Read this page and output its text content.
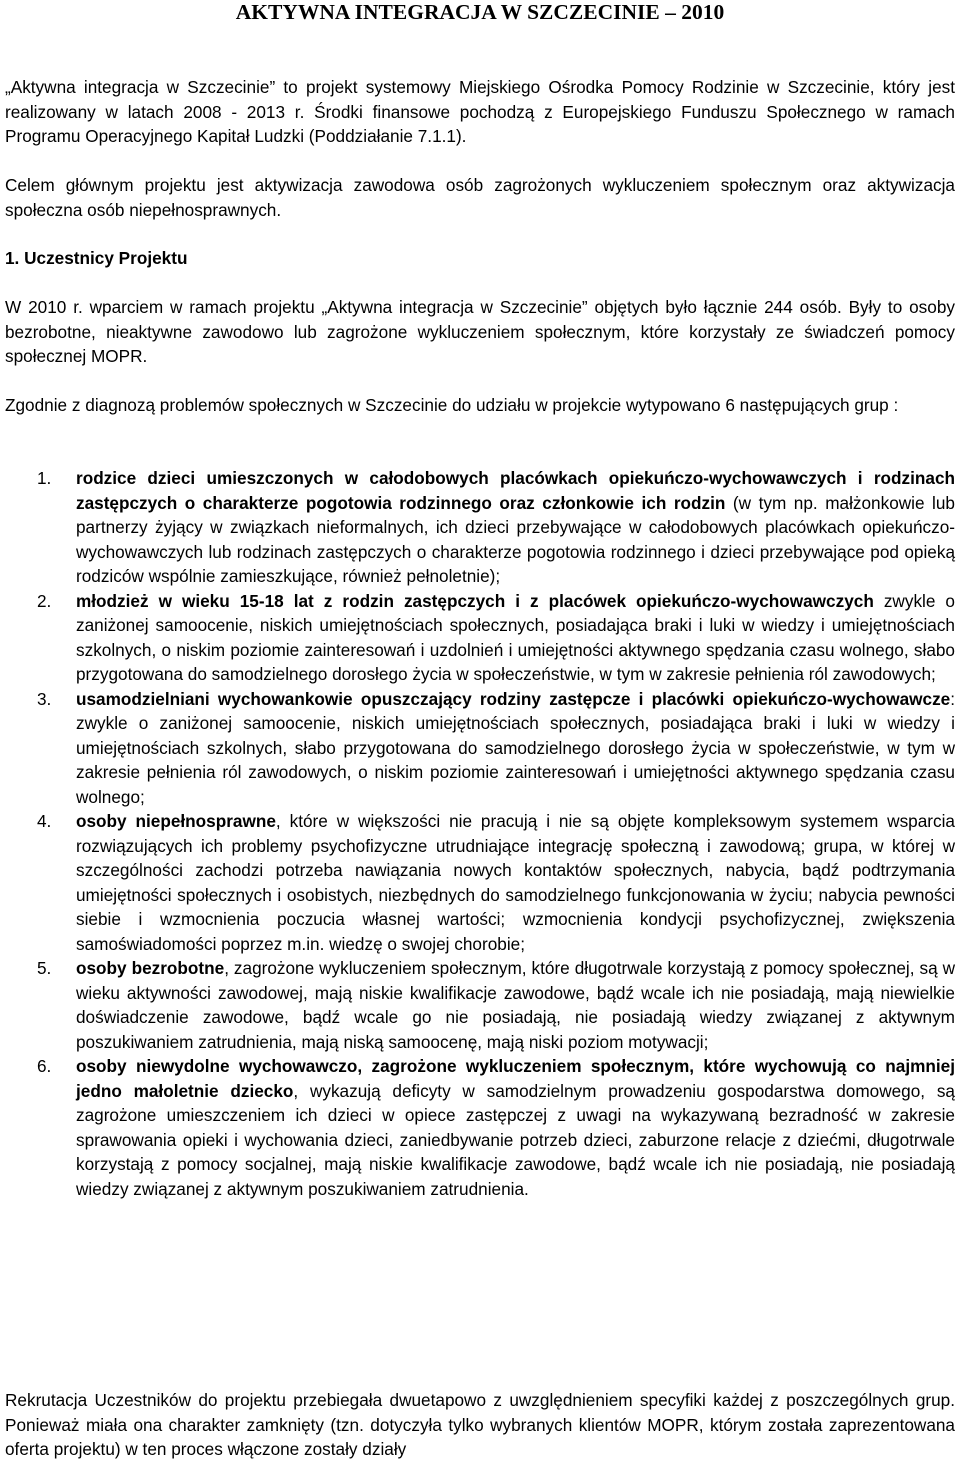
AKTYWNA INTEGRACJA W SZCZECINIE – 2010

„Aktywna integracja w Szczecinie” to projekt systemowy Miejskiego Ośrodka Pomocy Rodzinie w Szczecinie, który jest realizowany w latach 2008 - 2013 r. Środki finansowe pochodzą z Europejskiego Funduszu Społecznego w ramach Programu Operacyjnego Kapitał Ludzki (Poddziałanie 7.1.1).

Celem głównym projektu jest aktywizacja zawodowa osób zagrożonych wykluczeniem społecznym oraz aktywizacja społeczna osób niepełnosprawnych.

1. Uczestnicy Projektu

W 2010 r. wparciem w ramach projektu „Aktywna integracja w Szczecinie” objętych było łącznie 244 osób. Były to osoby bezrobotne, nieaktywne zawodowo lub zagrożone wykluczeniem społecznym, które korzystały ze świadczeń pomocy społecznej MOPR.

Zgodnie z diagnozą problemów społecznych w Szczecinie do udziału w projekcie wytypowano 6 następujących grup :

1. rodzice dzieci umieszczonych w całodobowych placówkach opiekuńczo-wychowawczych i rodzinach zastępczych o charakterze pogotowia rodzinnego oraz członkowie ich rodzin (w tym np. małżonkowie lub partnerzy żyjący w związkach nieformalnych, ich dzieci przebywające w całodobowych placówkach opiekuńczo-wychowawczych lub rodzinach zastępczych o charakterze pogotowia rodzinnego i dzieci przebywające pod opieką rodziców wspólnie zamieszkujące, również pełnoletnie);
2. młodzież w wieku 15-18 lat z rodzin zastępczych i z placówek opiekuńczo-wychowawczych zwykle o zaniżonej samoocenie, niskich umiejętnościach społecznych, posiadająca braki i luki w wiedzy i umiejętnościach szkolnych, o niskim poziomie zainteresowań i uzdolnień i umiejętności aktywnego spędzania czasu wolnego, słabo przygotowana do samodzielnego dorosłego życia w społeczeństwie, w tym w zakresie pełnienia ról zawodowych;
3. usamodzielniani wychowankowie opuszczający rodziny zastępcze i placówki opiekuńczo-wychowawcze: zwykle o zaniżonej samoocenie, niskich umiejętnościach społecznych, posiadająca braki i luki w wiedzy i umiejętnościach szkolnych, słabo przygotowana do samodzielnego dorosłego życia w społeczeństwie, w tym w zakresie pełnienia ról zawodowych, o niskim poziomie zainteresowań i umiejętności aktywnego spędzania czasu wolnego;
4. osoby niepełnosprawne, które w większości nie pracują i nie są objęte kompleksowym systemem wsparcia rozwiązujących ich problemy psychofizyczne utrudniające integrację społeczną i zawodową; grupa, w której w szczególności zachodzi potrzeba nawiązania nowych kontaktów społecznych, nabycia, bądź podtrzymania umiejętności społecznych i osobistych, niezbędnych do samodzielnego funkcjonowania w życiu; nabycia pewności siebie i wzmocnienia poczucia własnej wartości; wzmocnienia kondycji psychofizycznej, zwiększenia samoświadomości poprzez m.in. wiedzę o swojej chorobie;
5. osoby bezrobotne, zagrożone wykluczeniem społecznym, które długotrwale korzystają z pomocy społecznej, są w wieku aktywności zawodowej, mają niskie kwalifikacje zawodowe, bądź wcale ich nie posiadają, mają niewielkie doświadczenie zawodowe, bądź wcale go nie posiadają, nie posiadają wiedzy związanej z aktywnym poszukiwaniem zatrudnienia, mają niską samoocenę, mają niski poziom motywacji;
6. osoby niewydolne wychowawczo, zagrożone wykluczeniem społecznym, które wychowują co najmniej jedno małoletnie dziecko, wykazują deficyty w samodzielnym prowadzeniu gospodarstwa domowego, są zagrożone umieszczeniem ich dzieci w opiece zastępczej z uwagi na wykazywaną bezradność w zakresie sprawowania opieki i wychowania dzieci, zaniedbywanie potrzeb dzieci, zaburzone relacje z dziećmi, długotrwale korzystają z pomocy socjalnej, mają niskie kwalifikacje zawodowe, bądź wcale ich nie posiadają, nie posiadają wiedzy związanej z aktywnym poszukiwaniem zatrudnienia.

Rekrutacja Uczestników do projektu przebiegała dwuetapowo z uwzględnieniem specyfiki każdej z poszczególnych grup. Ponieważ miała ona charakter zamknięty (tzn. dotyczyła tylko wybranych klientów MOPR, którym została zaprezentowana oferta projektu) w ten proces włączone zostały działy
